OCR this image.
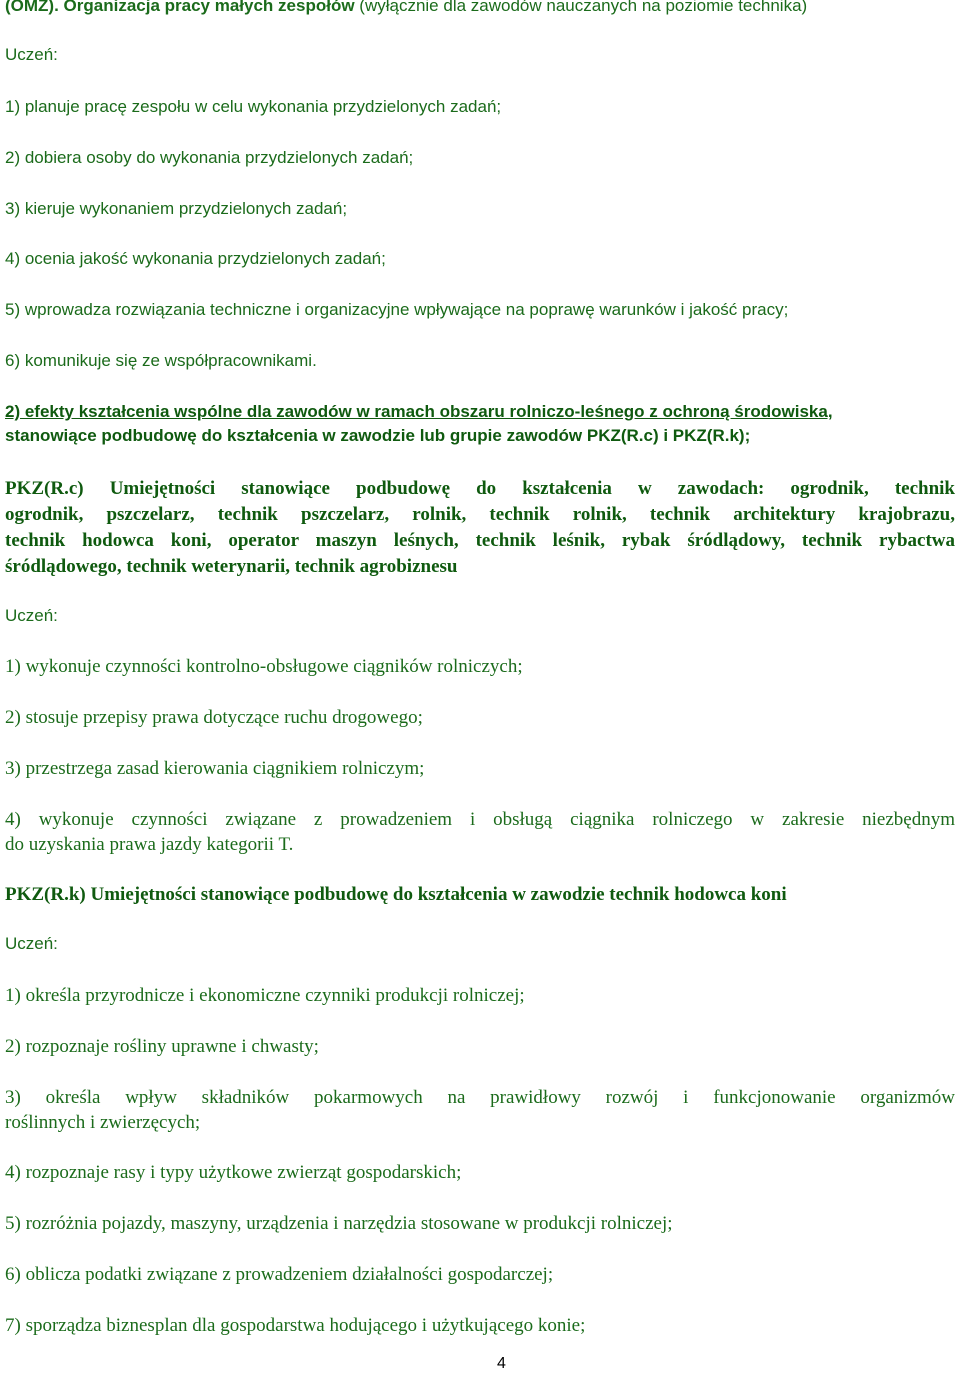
(OMZ). Organizacja pracy małych zespołów (wyłącznie dla zawodów nauczanych na poziomie technika)
Uczeń:
1) planuje pracę zespołu w celu wykonania przydzielonych zadań;
2) dobiera osoby do wykonania przydzielonych zadań;
3) kieruje wykonaniem przydzielonych zadań;
4) ocenia jakość wykonania przydzielonych zadań;
5) wprowadza rozwiązania techniczne i organizacyjne wpływające na poprawę warunków i jakość pracy;
6) komunikuje się ze współpracownikami.
2) efekty kształcenia wspólne dla zawodów w ramach obszaru rolniczo-leśnego z ochroną środowiska,
stanowiące podbudowę do kształcenia w zawodzie lub grupie zawodów PKZ(R.c) i PKZ(R.k);
PKZ(R.c) Umiejętności stanowiące podbudowę do kształcenia w zawodach: ogrodnik, technik
ogrodnik, pszczelarz, technik pszczelarz, rolnik, technik rolnik, technik architektury krajobrazu,
technik hodowca koni, operator maszyn leśnych, technik leśnik, rybak śródlądowy, technik rybactwa
śródlądowego, technik weterynarii, technik agrobiznesu
Uczeń:
1) wykonuje czynności kontrolno-obsługowe ciągników rolniczych;
2) stosuje przepisy prawa dotyczące ruchu drogowego;
3) przestrzega zasad kierowania ciągnikiem rolniczym;
4) wykonuje czynności związane z prowadzeniem i obsługą ciągnika rolniczego w zakresie niezbędnym
do uzyskania prawa jazdy kategorii T.
PKZ(R.k) Umiejętności stanowiące podbudowę do kształcenia w zawodzie technik hodowca koni
Uczeń:
1) określa przyrodnicze i ekonomiczne czynniki produkcji rolniczej;
2) rozpoznaje rośliny uprawne i chwasty;
3) określa wpływ składników pokarmowych na prawidłowy rozwój i funkcjonowanie organizmów
roślinnych i zwierzęcych;
4) rozpoznaje rasy i typy użytkowe zwierząt gospodarskich;
5) rozróżnia pojazdy, maszyny, urządzenia i narzędzia stosowane w produkcji rolniczej;
6) oblicza podatki związane z prowadzeniem działalności gospodarczej;
7) sporządza biznesplan dla gospodarstwa hodującego i użytkującego konie;
4
